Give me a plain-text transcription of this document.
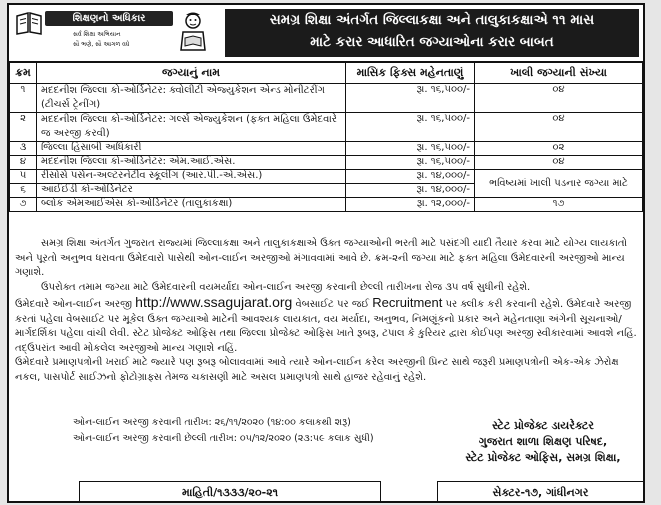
શિક્ષણનો અધિકાર
સર્વ શિક્ષા અભિયાન
સૌ ભણે, સૌ આગળ વધે
સમગ્ર શિક્ષા અંતર્ગત જિલ્લાકક્ષા અને તાલુકાકક્ષાએ ૧૧ માસ
માટે કરાર આધારિત જગ્યાઓના કરાર બાબત
ક્રમ	જગ્યાનું નામ	માસિક ફિક્સ મહેનતાણું	ખાલી જગ્યાની સંખ્યા
૧	મદદનીશ જિલ્લા કો-ઓર્ડિનેટર: ક્વોલીટી એજ્યુકેશન એન્ડ મોનીટરીંગ (ટીચર્સ ટ્રેનીંગ)	રૂા. ૧૬,૫૦૦/-	૦૪
૨	મદદનીશ જિલ્લા કો-ઓર્ડિનેટર: ગર્લ્સ એજ્યુકેશન (ફક્ત મહિલા ઉમેદવારે જ અરજી કરવી)	રૂા. ૧૬,૫૦૦/-	૦૪
૩	જિલ્લા હિસાબી અધિકારી	રૂા. ૧૬,૫૦૦/-	૦૨
૪	મદદનીશ જિલ્લા કો-ઓર્ડિનેટર: એમ.આઈ.એસ.	રૂા. ૧૬,૫૦૦/-	૦૪
૫	રીસોર્સ પર્સન-અલ્ટરનેટીવ સ્કૂલીંગ (આર.પી.-એ.એસ.)	રૂા. ૧૪,૦૦૦/-	ભવિષ્યમાં ખાલી પડનાર જગ્યા માટે
૬	આઈઈડી કો-ઓર્ડિનેટર	રૂા. ૧૪,૦૦૦/-	
૭	બ્લોક એમઆઈએસ કો-ઓર્ડિનેટર (તાલુકાકક્ષા)	રૂા. ૧૨,૦૦૦/-	૧૭

સમગ્ર શિક્ષા અંતર્ગત ગુજરાત રાજ્યમાં જિલ્લાકક્ષા અને તાલુકાકક્ષાએ ઉક્ત જગ્યાઓની ભરતી માટે પસંદગી યાદી તૈયાર કરવા માટે યોગ્ય લાયકાતો અને પૂરતો અનુભવ ધરાવતા ઉમેદવારો પાસેથી ઓન-લાઈન અરજીઓ મંગાવવામાં આવે છે. ક્રમ-૨ની જગ્યા માટે ફક્ત મહિલા ઉમેદવારની અરજીઓ માન્ય ગણાશે.

ઉપરોક્ત તમામ જગ્યા માટે ઉમેદવારની વયમર્યાદા ઓન-લાઈન અરજી કરવાની છેલ્લી તારીખના રોજ ૩૫ વર્ષ સુધીની રહેશે.

ઉમેદવારે ઓન-લાઈન અરજી http://www.ssagujarat.org વેબસાઈટ પર જઈ Recruitment પર ક્લીક કરી કરવાની રહેશે. ઉમેદવારે અરજી કરતાં પહેલા વેબસાઈટ પર મૂકેલ ઉક્ત જગ્યાઓ માટેની આવશ્યક લાયકાત, વય મર્યાદા, અનુભવ, નિમણૂંકનો પ્રકાર અને મહેનતાણા અંગેની સૂચનાઓ/માર્ગદર્શિકા પહેલા વાંચી લેવી. સ્ટેટ પ્રોજેક્ટ ઓફિસ તથા જિલ્લા પ્રોજેક્ટ ઓફિસ ખાતે રૂબરૂ, ટપાલ કે કુરિયર દ્વારા કોઈપણ અરજી સ્વીકારવામાં આવશે નહિં. તદ્ઉપરાંત આવી મોકલેલ અરજીઓ માન્ય ગણાશે નહિં.

ઉમેદવારે પ્રમાણપત્રોની ખરાઈ માટે જ્યારે પણ રૂબરૂ બોલાવવામાં આવે ત્યારે ઓન-લાઈન કરેલ અરજીની પ્રિન્ટ સાથે જરૂરી પ્રમાણપત્રોની એક-એક ઝેરોક્ષ નકલ, પાસપોર્ટ સાઈઝનો ફોટોગ્રાફ્સ તેમજ ચકાસણી માટે અસલ પ્રમાણપત્રો સાથે હાજર રહેવાનું રહેશે.

ઓન-લાઈન અરજી કરવાની તારીખ: ૨૬/૧૧/૨૦૨૦ (૧૪:૦૦ કલાકથી શરૂ)
ઓન-લાઈન અરજી કરવાની છેલ્લી તારીખ: ૦૫/૧૨/૨૦૨૦ (૨૩:૫૯ કલાક સુધી)
સ્ટેટ પ્રોજેક્ટ ડાયરેક્ટર
ગુજરાત શાળા શિક્ષણ પરિષદ,
સ્ટેટ પ્રોજેક્ટ ઓફિસ, સમગ્ર શિક્ષા,
માહિતી/૧૩૩૩/૨૦-૨૧	સેક્ટર-૧૭, ગાંધીનગર
